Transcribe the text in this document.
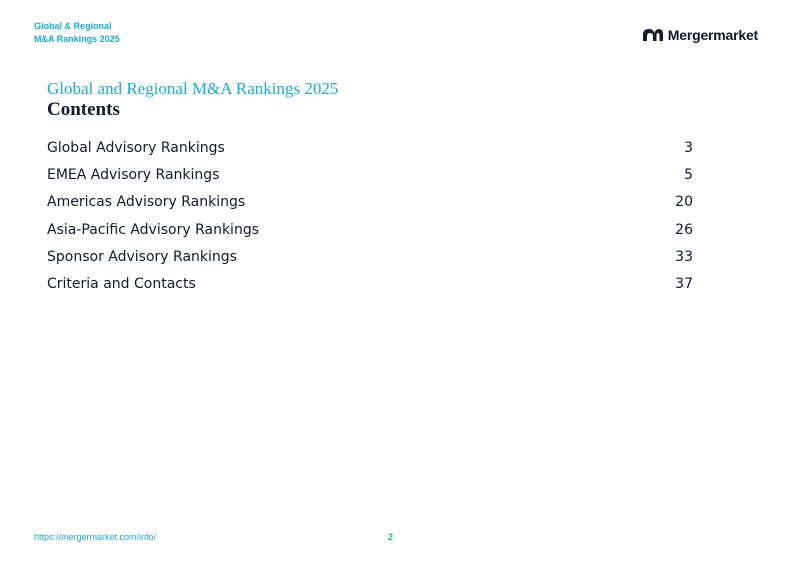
Global & Regional
M&A Rankings 2025	Mergermarket
Global and Regional M&A Rankings 2025
Contents
Global Advisory Rankings	3
EMEA Advisory Rankings	5
Americas Advisory Rankings	20
Asia-Pacific Advisory Rankings	26
Sponsor Advisory Rankings	33
Criteria and Contacts	37
https://mergermarket.com/info/	2
